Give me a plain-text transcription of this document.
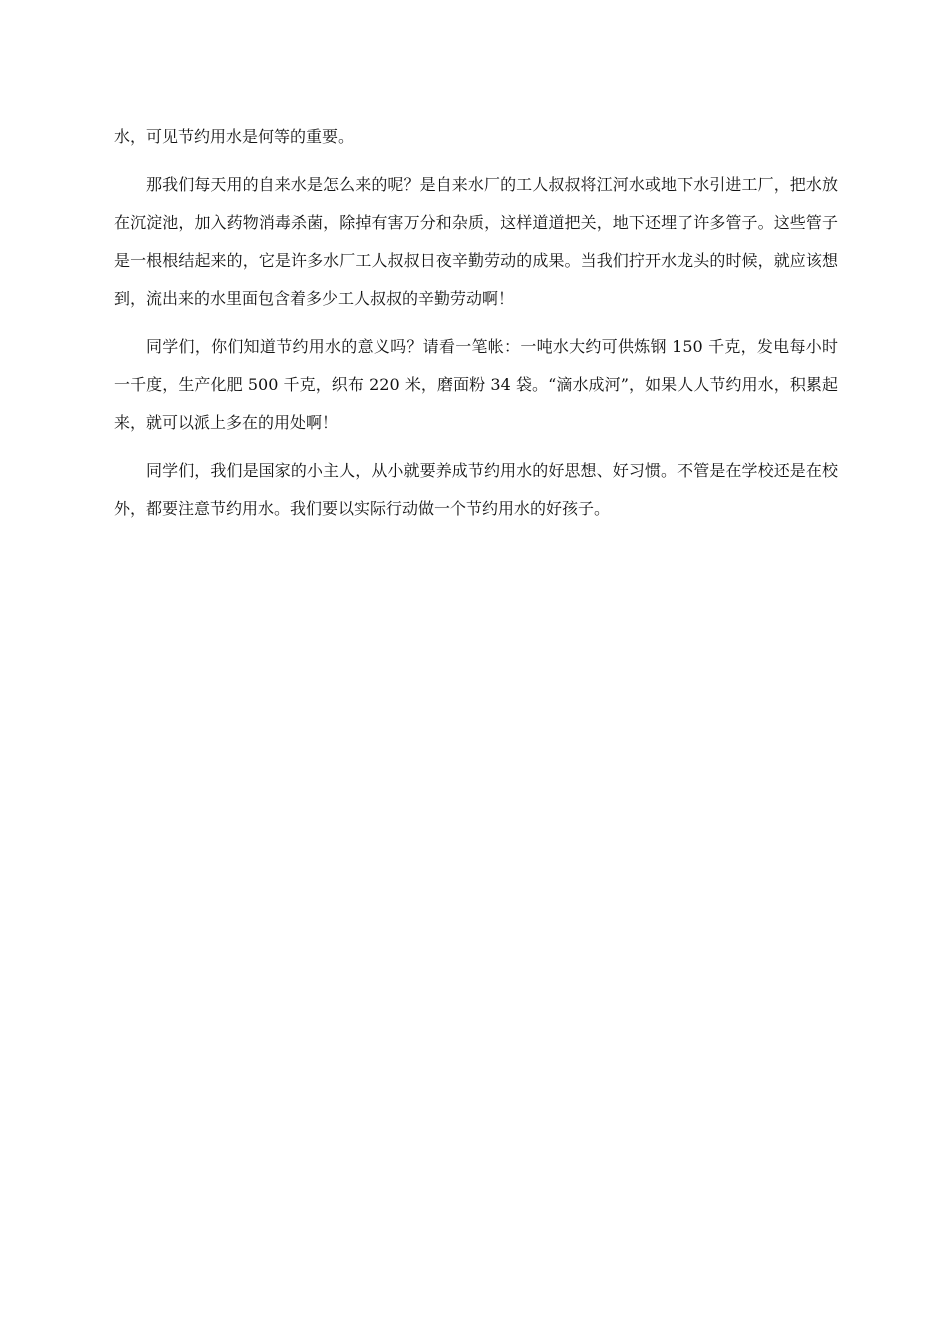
水，可见节约用水是何等的重要。

那我们每天用的自来水是怎么来的呢？是自来水厂的工人叔叔将江河水或地下水引进工厂，把水放在沉淀池，加入药物消毒杀菌，除掉有害万分和杂质，这样道道把关，地下还埋了许多管子。这些管子是一根根结起来的，它是许多水厂工人叔叔日夜辛勤劳动的成果。当我们拧开水龙头的时候，就应该想到，流出来的水里面包含着多少工人叔叔的辛勤劳动啊！

同学们，你们知道节约用水的意义吗？请看一笔帐：一吨水大约可供炼钢 150 千克，发电每小时一千度，生产化肥 500 千克，织布 220 米，磨面粉 34 袋。“滴水成河”，如果人人节约用水，积累起来，就可以派上多在的用处啊！

同学们，我们是国家的小主人，从小就要养成节约用水的好思想、好习惯。不管是在学校还是在校外，都要注意节约用水。我们要以实际行动做一个节约用水的好孩子。
